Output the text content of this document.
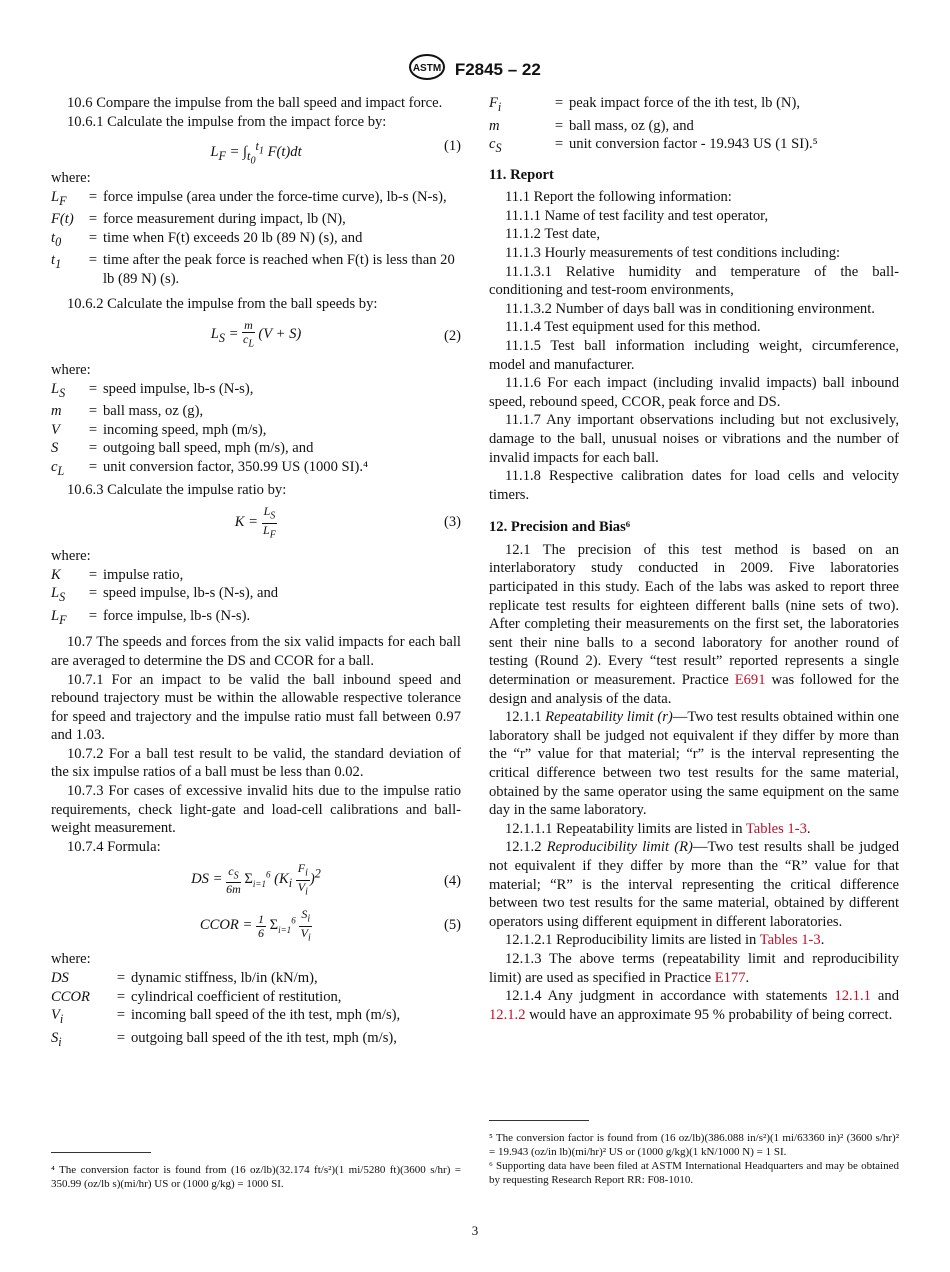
ASTM F2845 – 22

10.6 Compare the impulse from the ball speed and impact force.

10.6.1 Calculate the impulse from the impact force by:

$L_F = \int_{t_0}^{t_1}$ F(t)dt	(1)

where:

$L_F$	=	force impulse (area under the force-time curve), lb-s (N-s),
F(t)	=	force measurement during impact, lb (N),
$t_0$	=	time when F(t) exceeds 20 lb (89 N) (s), and
$t_1$	=	time after the peak force is reached when F(t) is less than 20 lb (89 N) (s).

10.6.2 Calculate the impulse from the ball speeds by:

$L_S = \frac{m}{c_L} (V + S)$	(2)

where:

$L_S$	=	speed impulse, lb-s (N-s),
m	=	ball mass, oz (g),
V	=	incoming speed, mph (m/s),
S	=	outgoing ball speed, mph (m/s), and
$c_L$	=	unit conversion factor, 350.99 US (1000 SI).⁴

10.6.3 Calculate the impulse ratio by:

$K = \frac{L_S}{L_F}$	(3)

where:

K	=	impulse ratio,
$L_S$	=	speed impulse, lb-s (N-s), and
$L_F$	=	force impulse, lb-s (N-s).

10.7 The speeds and forces from the six valid impacts for each ball are averaged to determine the DS and CCOR for a ball.

10.7.1 For an impact to be valid the ball inbound speed and rebound trajectory must be within the allowable respective tolerance for speed and trajectory and the impulse ratio must fall between 0.97 and 1.03.

10.7.2 For a ball test result to be valid, the standard deviation of the six impulse ratios of a ball must be less than 0.02.

10.7.3 For cases of excessive invalid hits due to the impulse ratio requirements, check light-gate and load-cell calibrations and ball-weight measurement.

10.7.4 Formula:

DS = $\frac{c_S}{6m} \Sigma_{i=1}^6$ $(K_i \frac{F_i}{V_i} )^2$	(4)
CCOR = $\frac{1}{6} \Sigma_{i=1}^6 \frac{S_i}{V_i}$	(5)

where:

DS	=	dynamic stiffness, lb/in (kN/m),
CCOR	=	cylindrical coefficient of restitution,
$V_i$	=	incoming ball speed of the ith test, mph (m/s),
$S_i$	=	outgoing ball speed of the ith test, mph (m/s),

⁴ The conversion factor is found from (16 oz/lb)(32.174 ft/s²)(1 mi/5280 ft)(3600 s/hr) = 350.99 (oz/lb s)(mi/hr) US or (1000 g/kg) = 1000 SI.

$F_i$	=	peak impact force of the ith test, lb (N),
m	=	ball mass, oz (g), and
$c_S$	=	unit conversion factor - 19.943 US (1 SI).⁵

11. Report

11.1 Report the following information:

11.1.1 Name of test facility and test operator,

11.1.2 Test date,

11.1.3 Hourly measurements of test conditions including:

11.1.3.1 Relative humidity and temperature of the ball-conditioning and test-room environments,

11.1.3.2 Number of days ball was in conditioning environment.

11.1.4 Test equipment used for this method.

11.1.5 Test ball information including weight, circumference, model and manufacturer.

11.1.6 For each impact (including invalid impacts) ball inbound speed, rebound speed, CCOR, peak force and DS.

11.1.7 Any important observations including but not exclusively, damage to the ball, unusual noises or vibrations and the number of invalid impacts for each ball.

11.1.8 Respective calibration dates for load cells and velocity timers.

12. Precision and Bias⁶

12.1 The precision of this test method is based on an interlaboratory study conducted in 2009. Five laboratories participated in this study. Each of the labs was asked to report three replicate test results for eighteen different balls (nine sets of two). After completing their measurements on the first set, the laboratories sent their nine balls to a second laboratory for another round of testing (Round 2). Every “test result” reported represents a single determination or measurement. Practice E691 was followed for the design and analysis of the data.

12.1.1 Repeatability limit (r)—Two test results obtained within one laboratory shall be judged not equivalent if they differ by more than the “r” value for that material; “r” is the interval representing the critical difference between two test results for the same material, obtained by the same operator using the same equipment on the same day in the same laboratory.

12.1.1.1 Repeatability limits are listed in Tables 1-3.

12.1.2 Reproducibility limit (R)—Two test results shall be judged not equivalent if they differ by more than the “R” value for that material; “R” is the interval representing the critical difference between two test results for the same material, obtained by different operators using different equipment in different laboratories.

12.1.2.1 Reproducibility limits are listed in Tables 1-3.

12.1.3 The above terms (repeatability limit and reproducibility limit) are used as specified in Practice E177.

12.1.4 Any judgment in accordance with statements 12.1.1 and 12.1.2 would have an approximate 95 % probability of being correct.

⁵ The conversion factor is found from (16 oz/lb)(386.088 in/s²)(1 mi/63360 in)² (3600 s/hr)² = 19.943 (oz/in lb)(mi/hr)² US or (1000 g/kg)(1 kN/1000 N) = 1 SI.

⁶ Supporting data have been filed at ASTM International Headquarters and may be obtained by requesting Research Report RR: F08-1010.

3
